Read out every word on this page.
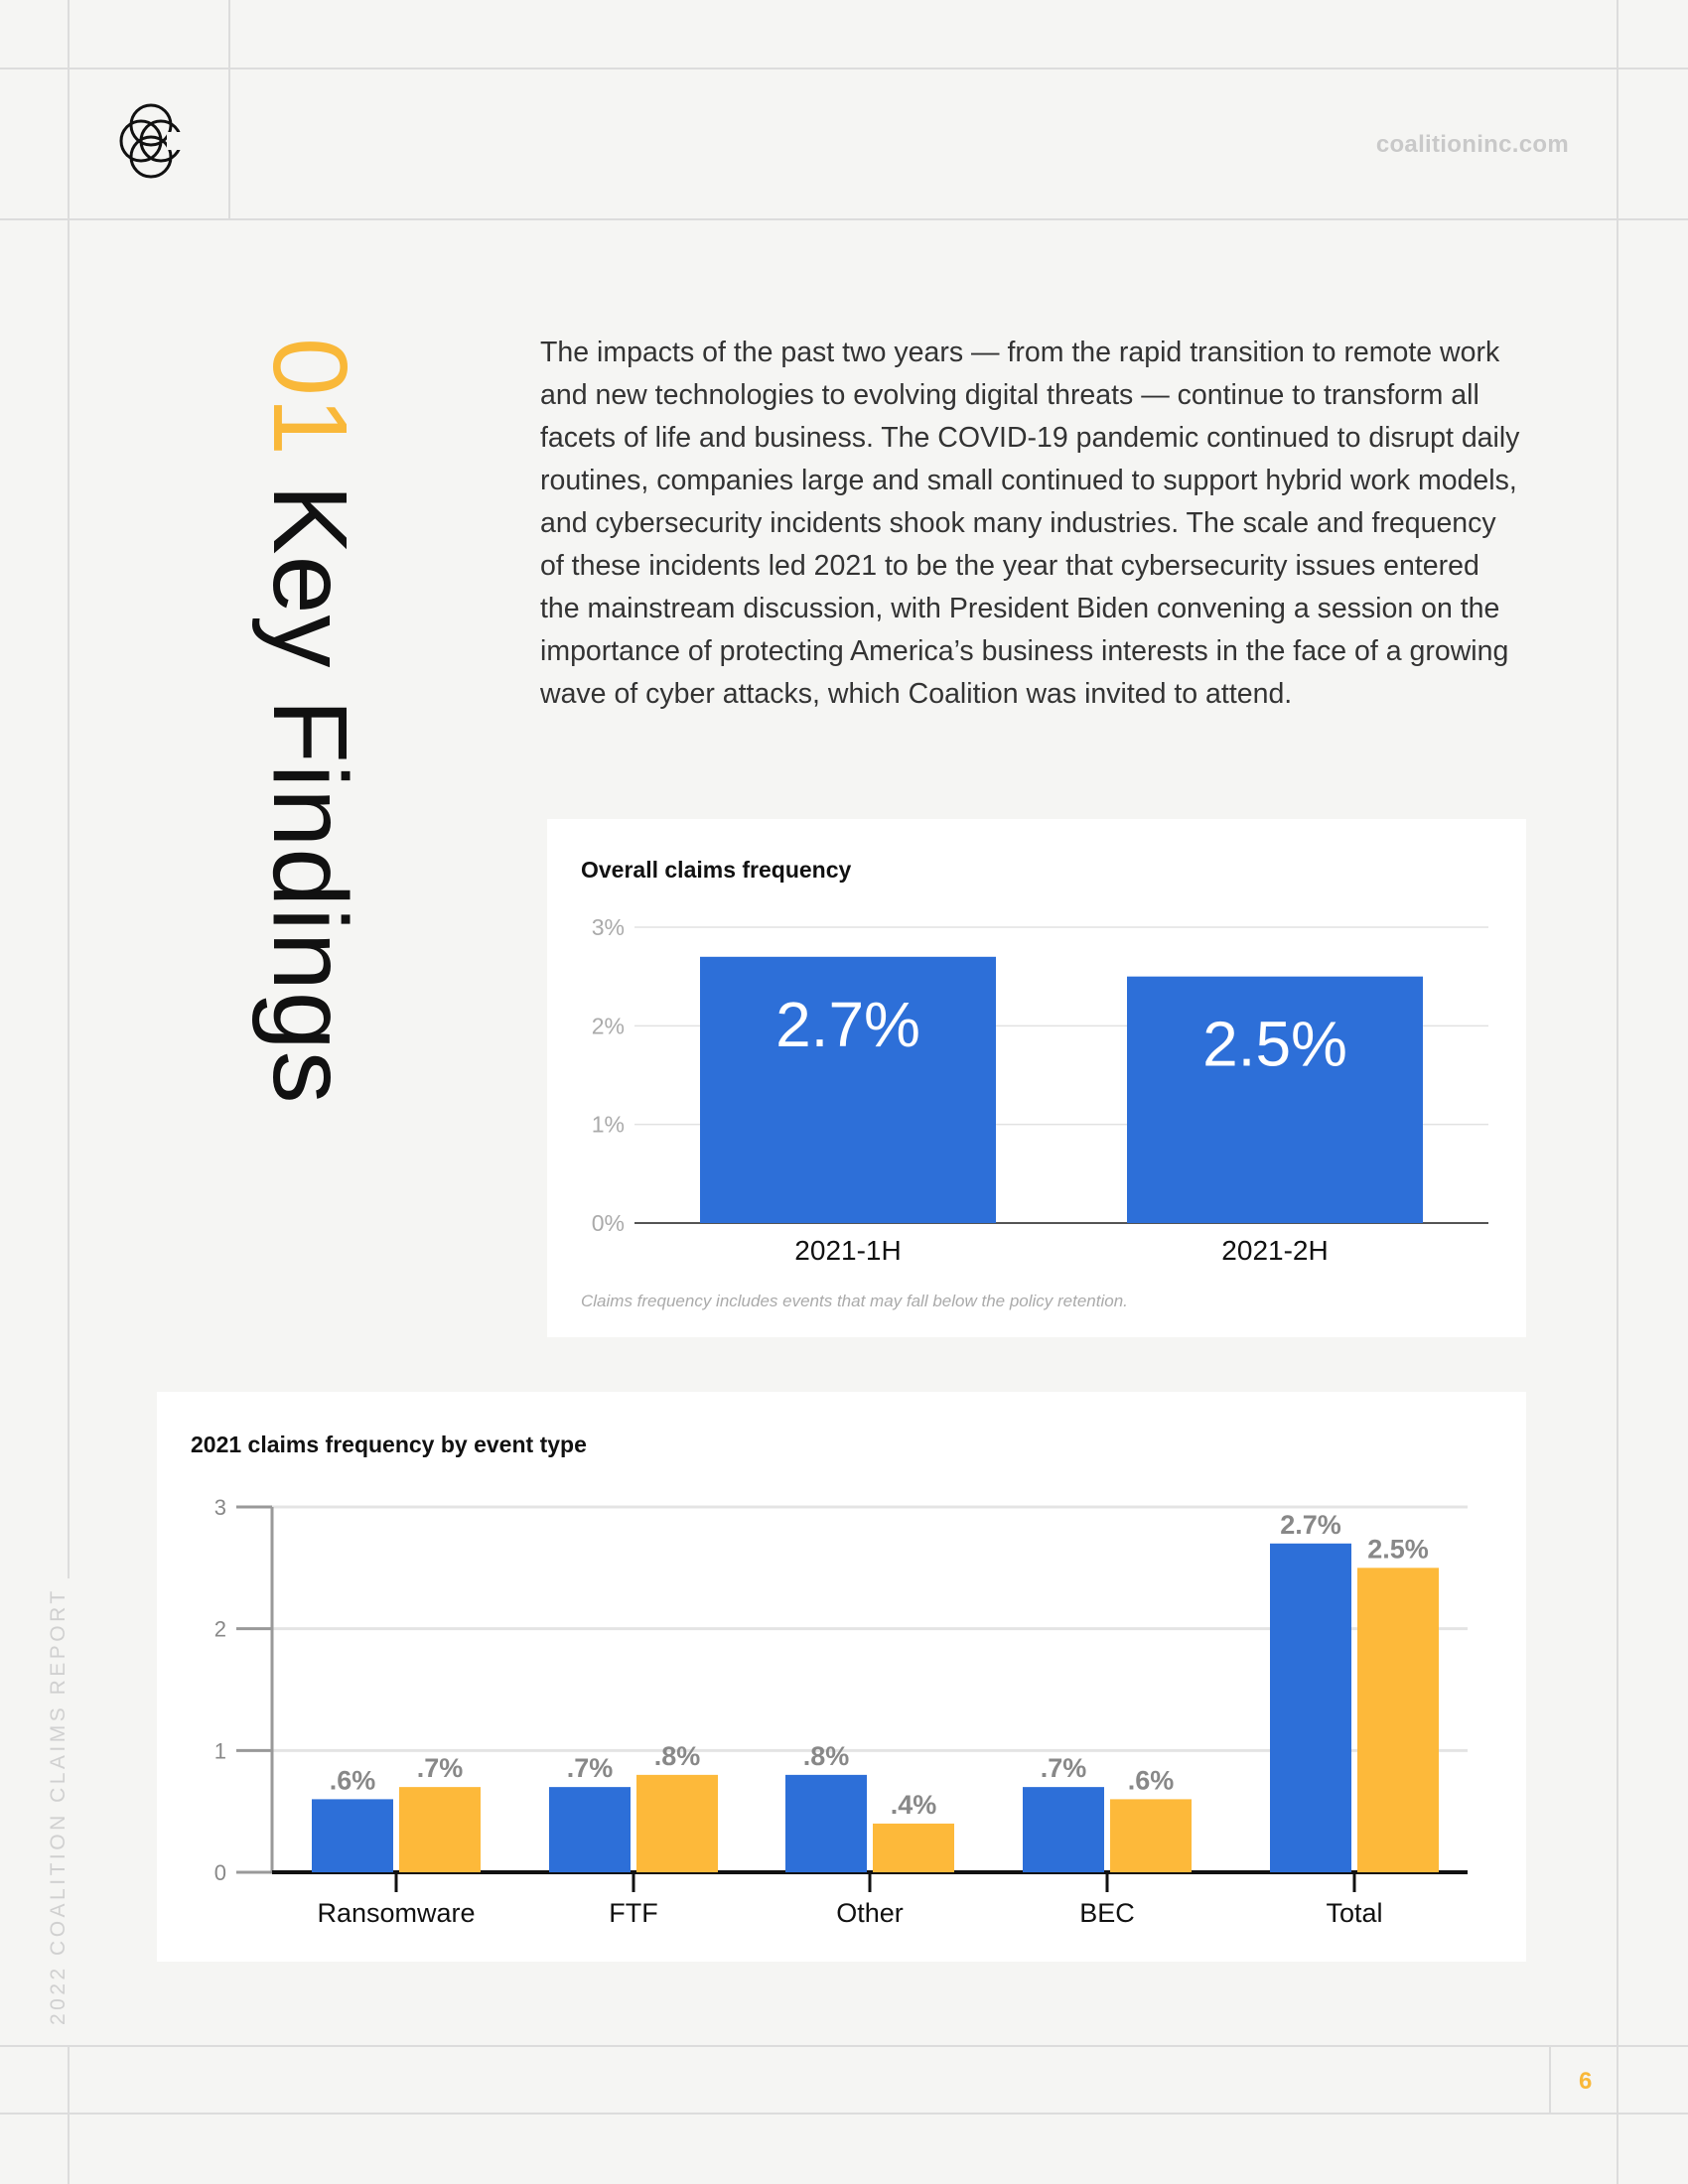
coalitioninc.com
6
2022 COALITION CLAIMS REPORT
01Key Findings
The impacts of the past two years — from the rapid transition to remote work and new technologies to evolving digital threats — continue to transform all facets of life and business. The COVID-19 pandemic continued to disrupt daily routines, companies large and small continued to support hybrid work models, and cybersecurity incidents shook many industries. The scale and frequency of these incidents led 2021 to be the year that cybersecurity issues entered the mainstream discussion, with President Biden convening a session on the importance of protecting America’s business interests in the face of a growing wave of cyber attacks, which Coalition was invited to attend.
Overall claims frequency
0%
1%
2%
3%
2.7%
2021-1H
2.5%
2021-2H
Claims frequency includes events that may fall below the policy retention.
2021 claims frequency by event type
0
1
2
3
.6% .7%
Ransomware
.7% .8%
FTF
.8%
.4%
Other
.7% .6%
BEC
2.7%
2.5%
Total
